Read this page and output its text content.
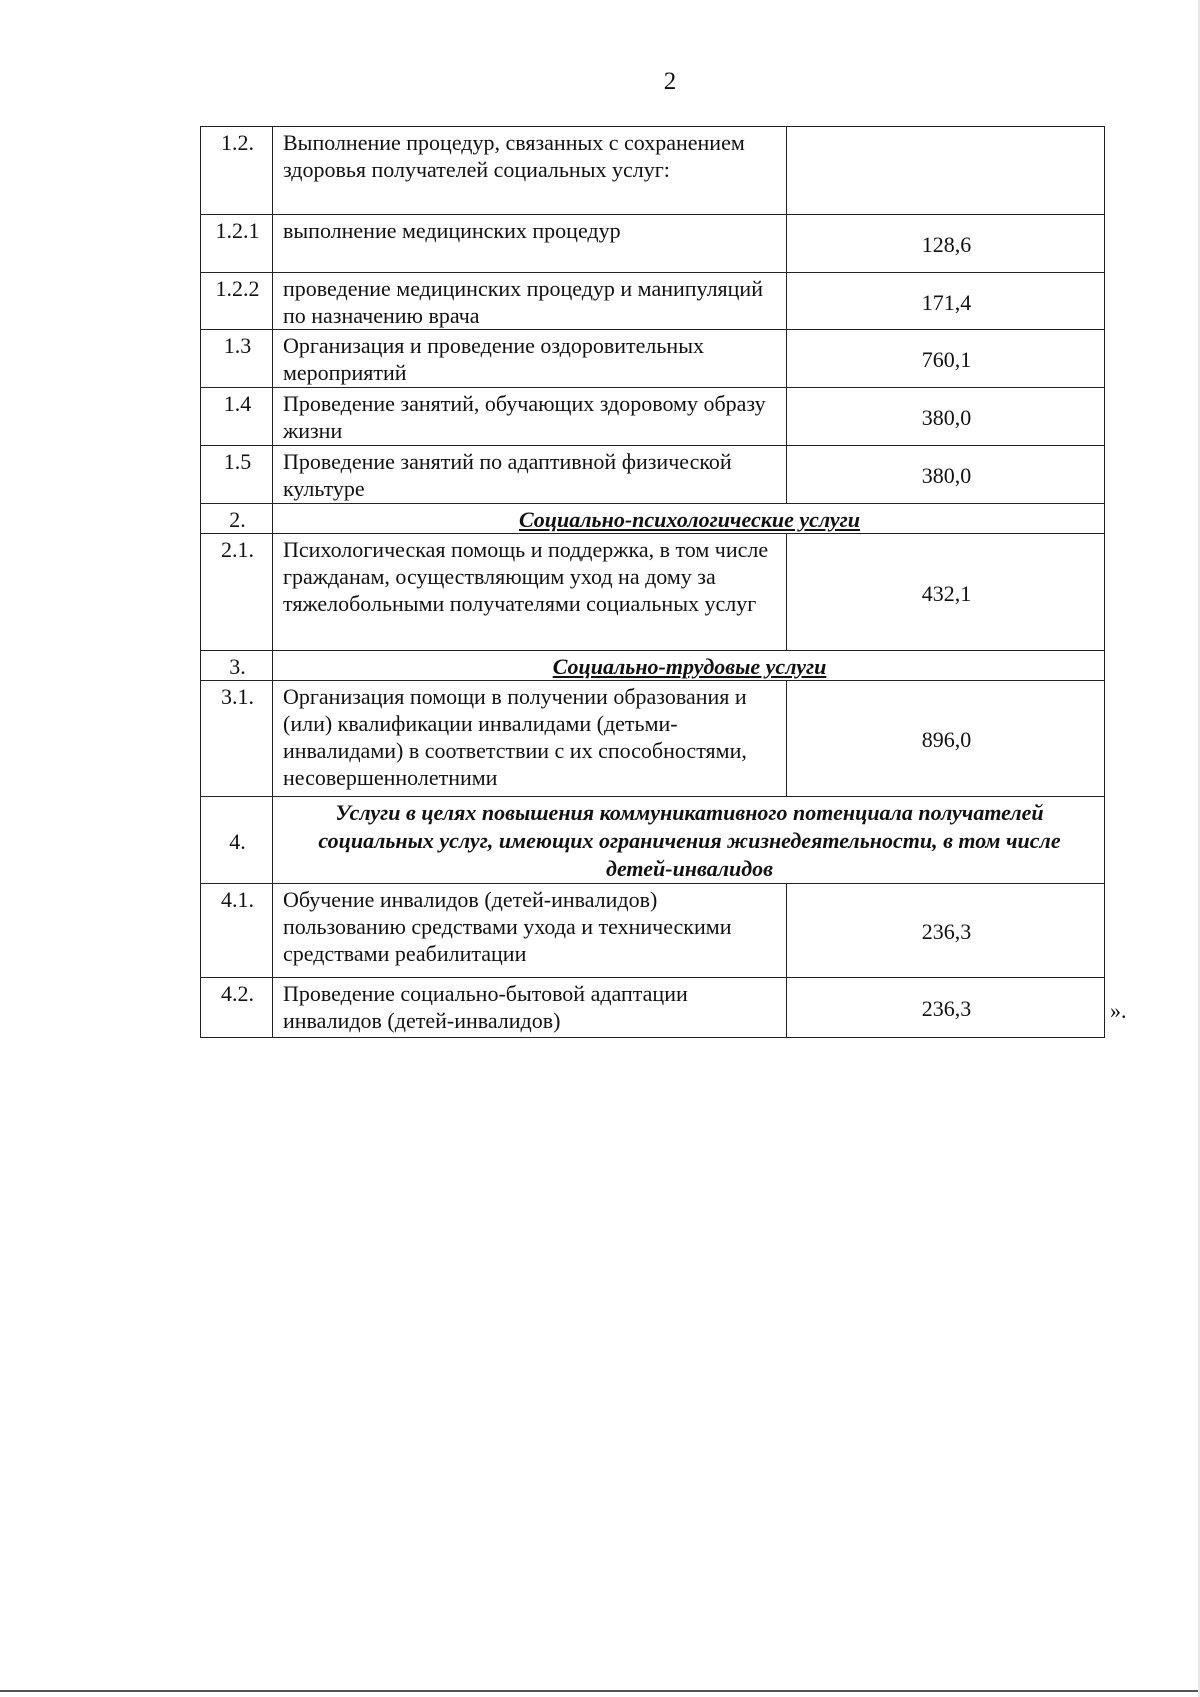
2
1.2.	Выполнение процедур, связанных с сохранением здоровья получателей социальных услуг:	
1.2.1	выполнение медицинских процедур	128,6
1.2.2	проведение медицинских процедур и манипуляций по назначению врача	171,4
1.3	Организация и проведение оздоровительных мероприятий	760,1
1.4	Проведение занятий, обучающих здоровому образу жизни	380,0
1.5	Проведение занятий по адаптивной физической культуре	380,0
2.	Социально-психологические услуги	
2.1.	Психологическая помощь и поддержка, в том числе гражданам, осуществляющим уход на дому за тяжелобольными получателями социальных услуг	432,1
3.	Социально-трудовые услуги	
3.1.	Организация помощи в получении образования и (или) квалификации инвалидами (детьми-инвалидами) в соответствии с их способностями, несовершеннолетними	896,0
4.	Услуги в целях повышения коммуникативного потенциала получателей социальных услуг, имеющих ограничения жизнедеятельности, в том числе детей-инвалидов	
4.1.	Обучение инвалидов (детей-инвалидов) пользованию средствами ухода и техническими средствами реабилитации	236,3
4.2.	Проведение социально-бытовой адаптации инвалидов (детей-инвалидов)	236,3	».
